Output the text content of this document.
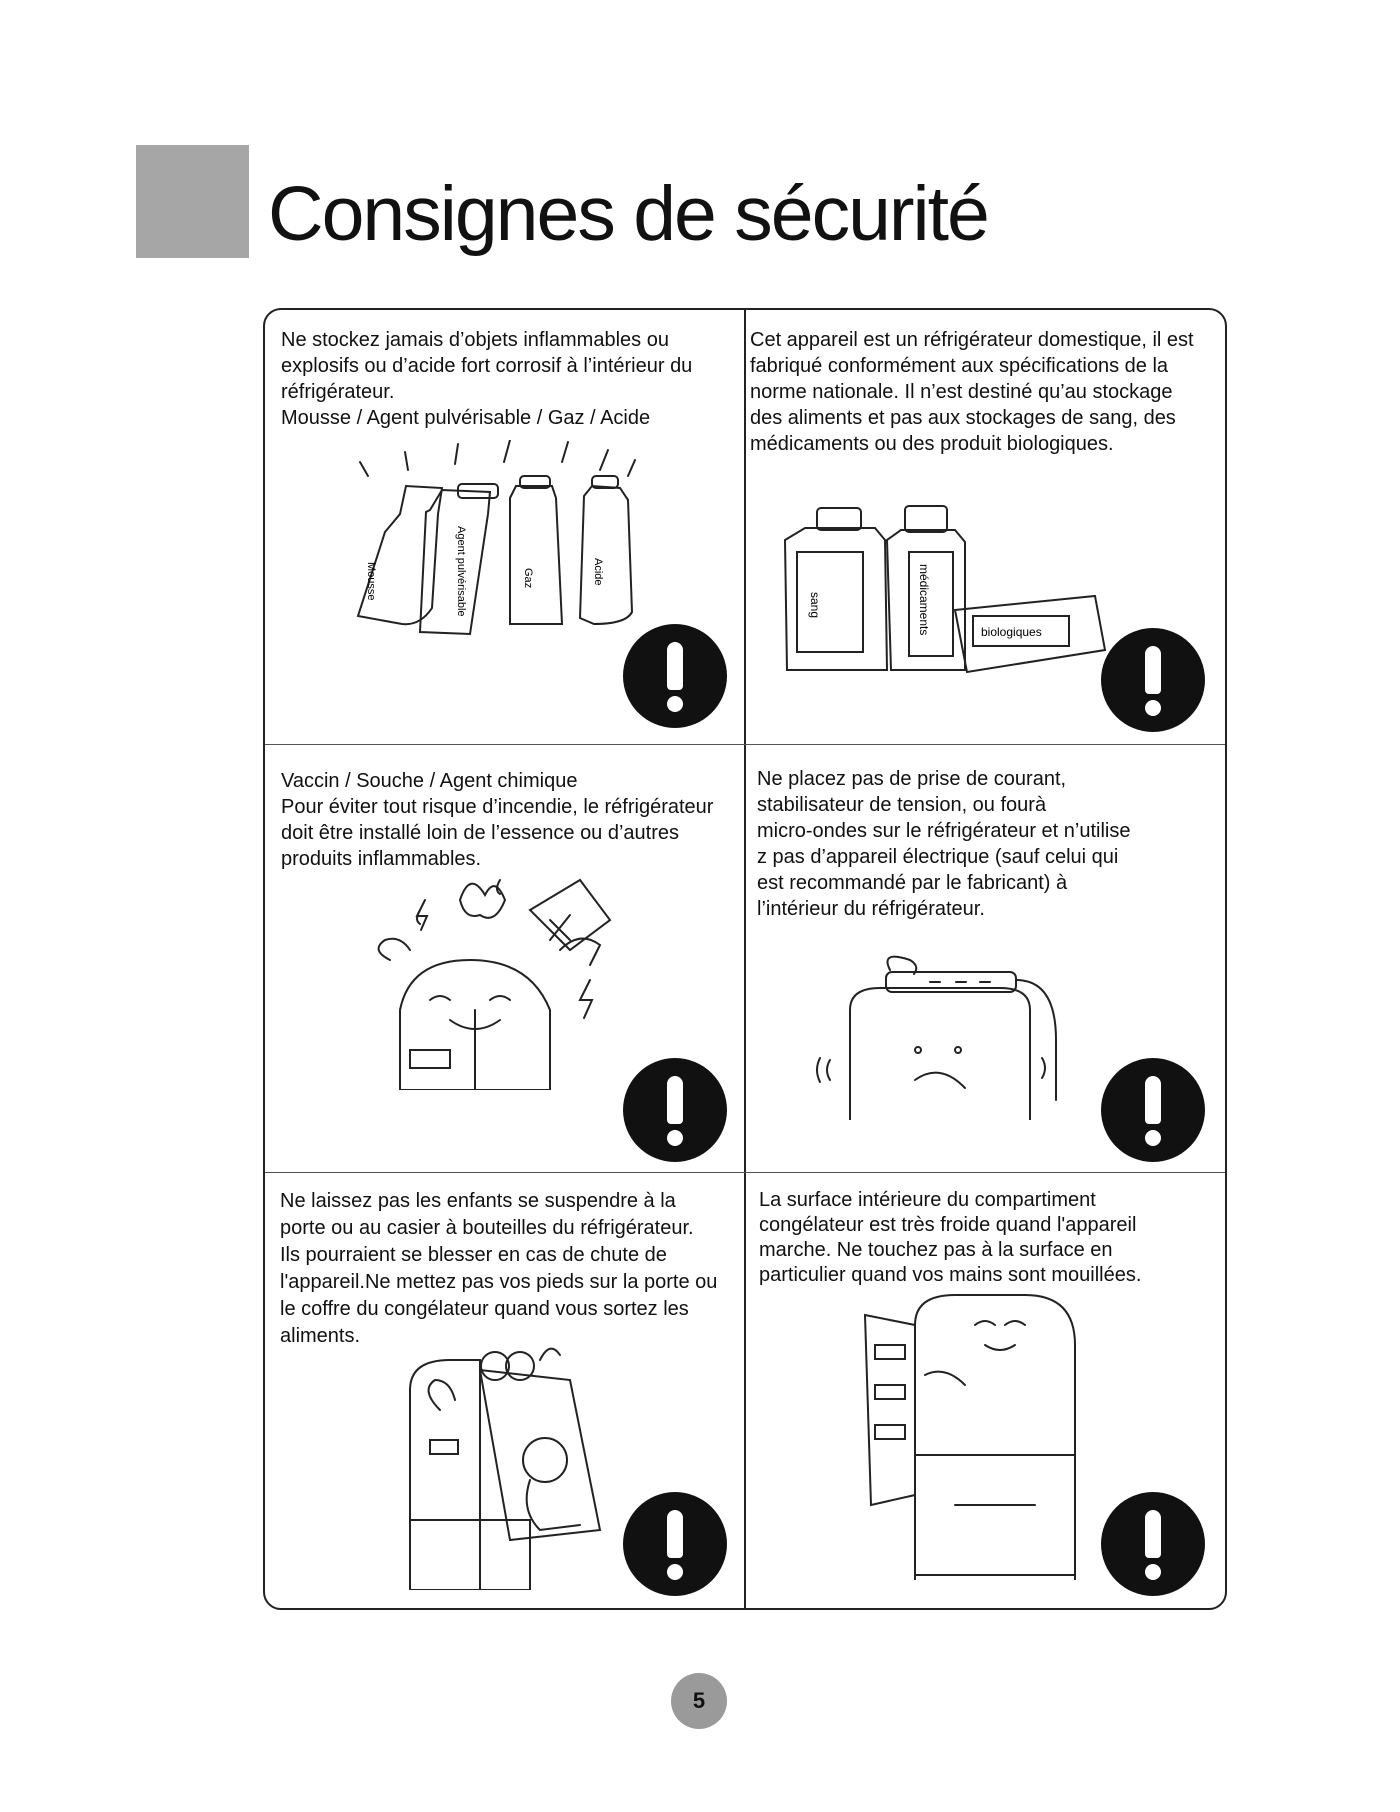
Consignes de sécurité
Ne stockez jamais d’objets inflammables ou
explosifs ou d’acide fort corrosif à l’intérieur du
réfrigérateur.
Mousse / Agent pulvérisable / Gaz / Acide
Mousse	Agent pulvérisable	Gaz	Acide
Cet appareil est un réfrigérateur domestique, il est
fabriqué conformément aux spécifications de la
norme nationale. Il n’est destiné qu’au stockage
des aliments et pas aux stockages de sang, des
médicaments ou des produit biologiques.
sang	médicaments	biologiques
Vaccin / Souche / Agent chimique
Pour éviter tout risque d’incendie, le réfrigérateur
doit être installé loin de l’essence ou d’autres
produits inflammables.
Ne placez pas de prise de courant,
stabilisateur de tension, ou fourà
micro-ondes sur le réfrigérateur et n’utilise
z pas d’appareil électrique (sauf celui qui
est recommandé par le fabricant) à
l’intérieur du réfrigérateur.
Ne laissez pas les enfants se suspendre à la
porte ou au casier à bouteilles du réfrigérateur.
Ils pourraient se blesser en cas de chute de
l'appareil.Ne mettez pas vos pieds sur la porte ou
le coffre du congélateur quand vous sortez les
aliments.
La surface intérieure du compartiment
congélateur est très froide quand l'appareil
marche. Ne touchez pas à la surface en
particulier quand vos mains sont mouillées.
5
